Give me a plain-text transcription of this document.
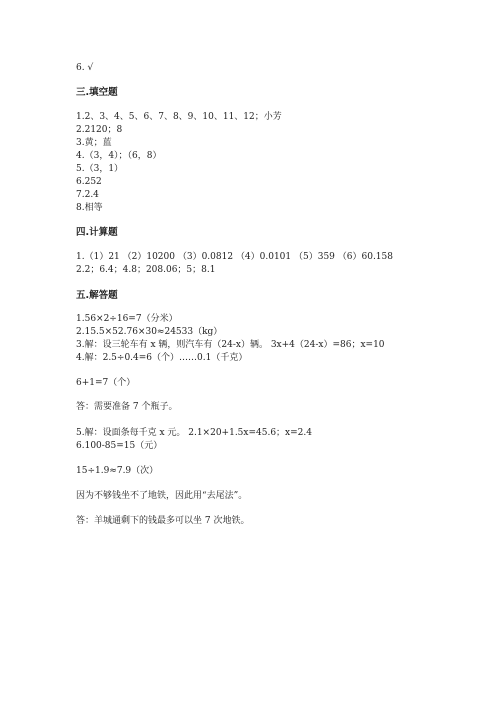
6. √

三.填空题

1.2、3、4、5、6、7、8、9、10、11、12；小芳

2.2120；8

3.黄；蓝

4.（3，4）；（6，8）

5.（3，1）

6.252

7.2.4

8.相等

四.计算题

1.（1）21 （2）10200 （3）0.0812 （4）0.0101 （5）359 （6）60.158

2.2；6.4；4.8；208.06；5；8.1

五.解答题

1.56×2÷16=7（分米）

2.15.5×52.76×30≈24533（kg）

3.解：设三轮车有 x 辆，则汽车有（24-x）辆。 3x+4（24-x）=86；x=10

4.解：2.5÷0.4=6（个）……0.1（千克）

6+1=7（个）

答：需要准备 7 个瓶子。

5.解：设面条每千克 x 元。 2.1×20+1.5x=45.6；x=2.4

6.100-85=15（元）

15÷1.9≈7.9（次）

因为不够钱坐不了地铁，因此用“去尾法”。

答：羊城通剩下的钱最多可以坐 7 次地铁。
